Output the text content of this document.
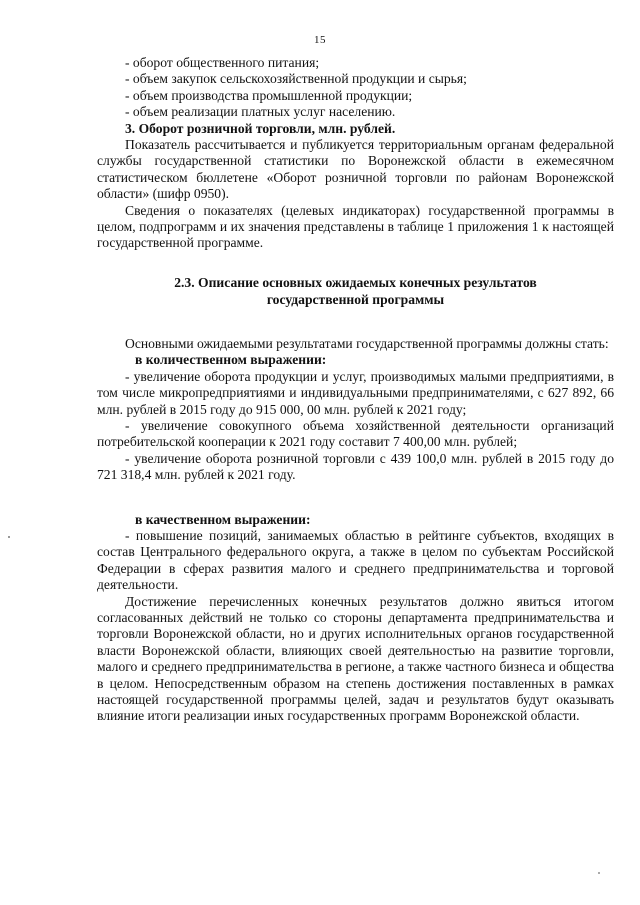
15

- оборот общественного питания;

- объем закупок сельскохозяйственной продукции и сырья;

- объем производства промышленной продукции;

- объем реализации платных услуг населению.

3. Оборот розничной торговли, млн. рублей.

Показатель рассчитывается и публикуется территориальным органам федеральной службы государственной статистики по Воронежской области в ежемесячном статистическом бюллетене «Оборот розничной торговли по районам Воронежской области» (шифр 0950).

Сведения о показателях (целевых индикаторах) государственной программы в целом, подпрограмм и их значения представлены в таблице 1 приложения 1 к настоящей государственной программе.

2.3. Описание основных ожидаемых конечных результатов
государственной программы

Основными ожидаемыми результатами государственной программы должны стать:

в количественном выражении:

- увеличение оборота продукции и услуг, производимых малыми предприятиями, в том числе микропредприятиями и индивидуальными предпринимателями, с 627 892, 66 млн. рублей в 2015 году до 915 000, 00 млн. рублей к 2021 году;

- увеличение совокупного объема хозяйственной деятельности организаций потребительской кооперации к 2021 году составит 7 400,00 млн. рублей;

- увеличение оборота розничной торговли с 439 100,0 млн. рублей в 2015 году до 721 318,4 млн. рублей к 2021 году.

в качественном выражении:

- повышение позиций, занимаемых областью в рейтинге субъектов, входящих в состав Центрального федерального округа, а также в целом по субъектам Российской Федерации в сферах развития малого и среднего предпринимательства и торговой деятельности.

Достижение перечисленных конечных результатов должно явиться итогом согласованных действий не только со стороны департамента предпринимательства и торговли Воронежской области, но и других исполнительных органов государственной власти Воронежской области, влияющих своей деятельностью на развитие торговли, малого и среднего предпринимательства в регионе, а также частного бизнеса и общества в целом. Непосредственным образом на степень достижения поставленных в рамках настоящей государственной программы целей, задач и результатов будут оказывать влияние итоги реализации иных государственных программ Воронежской области.
